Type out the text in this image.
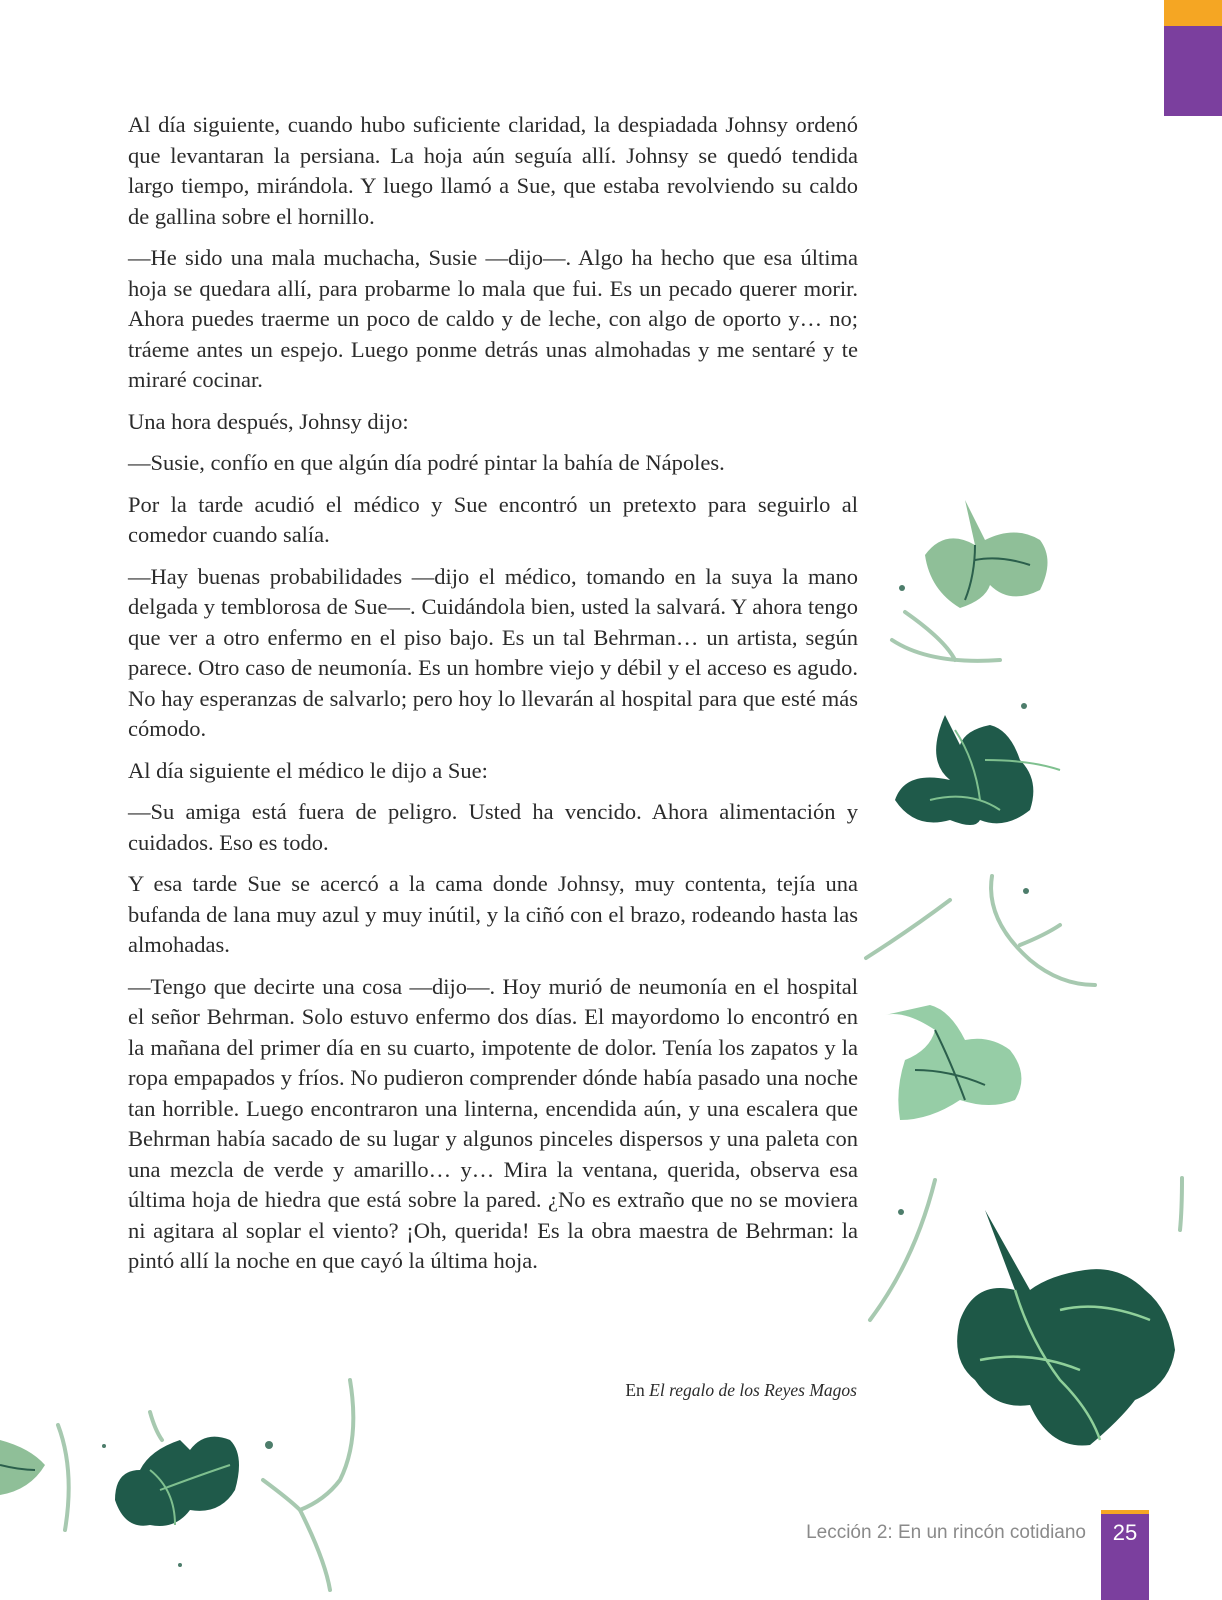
Al día siguiente, cuando hubo suficiente claridad, la despiadada Johnsy ordenó que levantaran la persiana. La hoja aún seguía allí. Johnsy se quedó tendida largo tiempo, mirándola. Y luego llamó a Sue, que estaba revolviendo su caldo de gallina sobre el hornillo.

—He sido una mala muchacha, Susie —dijo—. Algo ha hecho que esa última hoja se quedara allí, para probarme lo mala que fui. Es un pecado querer morir. Ahora puedes traerme un poco de caldo y de leche, con algo de oporto y… no; tráeme antes un espejo. Luego ponme detrás unas almohadas y me sentaré y te miraré cocinar.

Una hora después, Johnsy dijo:

—Susie, confío en que algún día podré pintar la bahía de Nápoles.

Por la tarde acudió el médico y Sue encontró un pretexto para seguirlo al comedor cuando salía.

—Hay buenas probabilidades —dijo el médico, tomando en la suya la mano delgada y temblorosa de Sue—. Cuidándola bien, usted la salvará. Y ahora tengo que ver a otro enfermo en el piso bajo. Es un tal Behrman… un artista, según parece. Otro caso de neumonía. Es un hombre viejo y débil y el acceso es agudo. No hay esperanzas de salvarlo; pero hoy lo llevarán al hospital para que esté más cómodo.

Al día siguiente el médico le dijo a Sue:

—Su amiga está fuera de peligro. Usted ha vencido. Ahora alimentación y cuidados. Eso es todo.

Y esa tarde Sue se acercó a la cama donde Johnsy, muy contenta, tejía una bufanda de lana muy azul y muy inútil, y la ciñó con el brazo, rodeando hasta las almohadas.

—Tengo que decirte una cosa —dijo—. Hoy murió de neumonía en el hospital el señor Behrman. Solo estuvo enfermo dos días. El mayordomo lo encontró en la mañana del primer día en su cuarto, impotente de dolor. Tenía los zapatos y la ropa empapados y fríos. No pudieron comprender dónde había pasado una noche tan horrible. Luego encontraron una linterna, encendida aún, y una escalera que Behrman había sacado de su lugar y algunos pinceles dispersos y una paleta con una mezcla de verde y amarillo… y… Mira la ventana, querida, observa esa última hoja de hiedra que está sobre la pared. ¿No es extraño que no se moviera ni agitara al soplar el viento? ¡Oh, querida! Es la obra maestra de Behrman: la pintó allí la noche en que cayó la última hoja.

En El regalo de los Reyes Magos
Lección 2: En un rincón cotidiano	25
